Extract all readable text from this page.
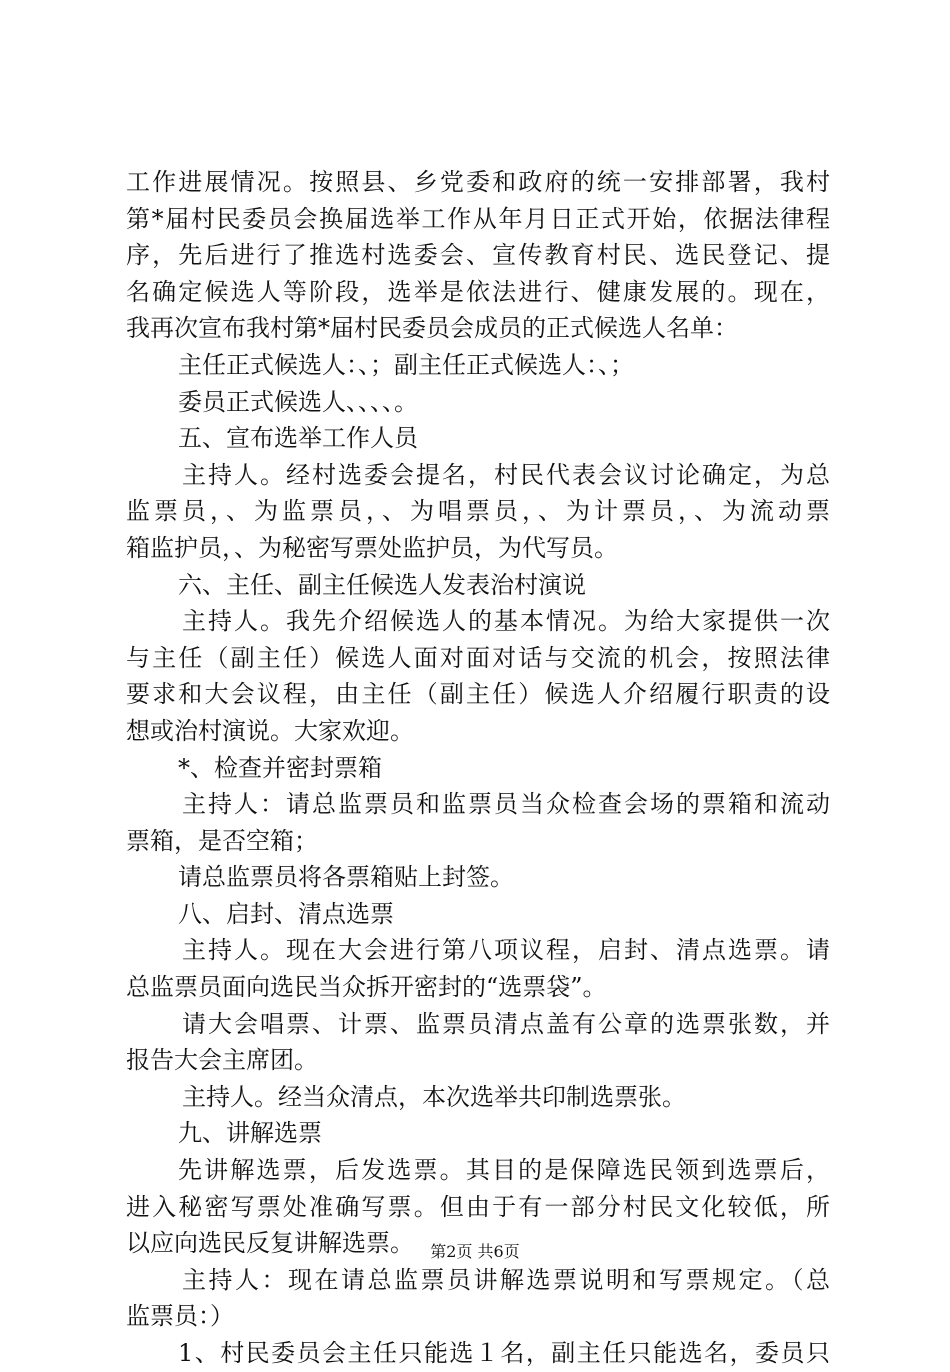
工作进展情况。按照县、乡党委和政府的统一安排部署，我村
第*届村民委员会换届选举工作从年月日正式开始，依据法律程
序，先后进行了推选村选委会、宣传教育村民、选民登记、提
名确定候选人等阶段，选举是依法进行、健康发展的。现在，
我再次宣布我村第*届村民委员会成员的正式候选人名单：
主任正式候选人：、；副主任正式候选人：、；
委员正式候选人、、、、。
五、宣布选举工作人员
主持人。经村选委会提名，村民代表会议讨论确定，为总
监票员，、为监票员，、为唱票员，、为计票员，、为流动票
箱监护员，、为秘密写票处监护员，为代写员。
六、主任、副主任候选人发表治村演说
主持人。我先介绍候选人的基本情况。为给大家提供一次
与主任（副主任）候选人面对面对话与交流的机会，按照法律
要求和大会议程，由主任（副主任）候选人介绍履行职责的设
想或治村演说。大家欢迎。
*、检查并密封票箱
主持人：请总监票员和监票员当众检查会场的票箱和流动
票箱，是否空箱；
请总监票员将各票箱贴上封签。
八、启封、清点选票
主持人。现在大会进行第八项议程，启封、清点选票。请
总监票员面向选民当众拆开密封的“选票袋”。
请大会唱票、计票、监票员清点盖有公章的选票张数，并
报告大会主席团。
主持人。经当众清点，本次选举共印制选票张。
九、讲解选票
先讲解选票，后发选票。其目的是保障选民领到选票后，
进入秘密写票处准确写票。但由于有一部分村民文化较低，所
以应向选民反复讲解选票。
主持人：现在请总监票员讲解选票说明和写票规定。（总
监票员：）
1、村民委员会主任只能选１名，副主任只能选名，委员只
第2页 共6页
